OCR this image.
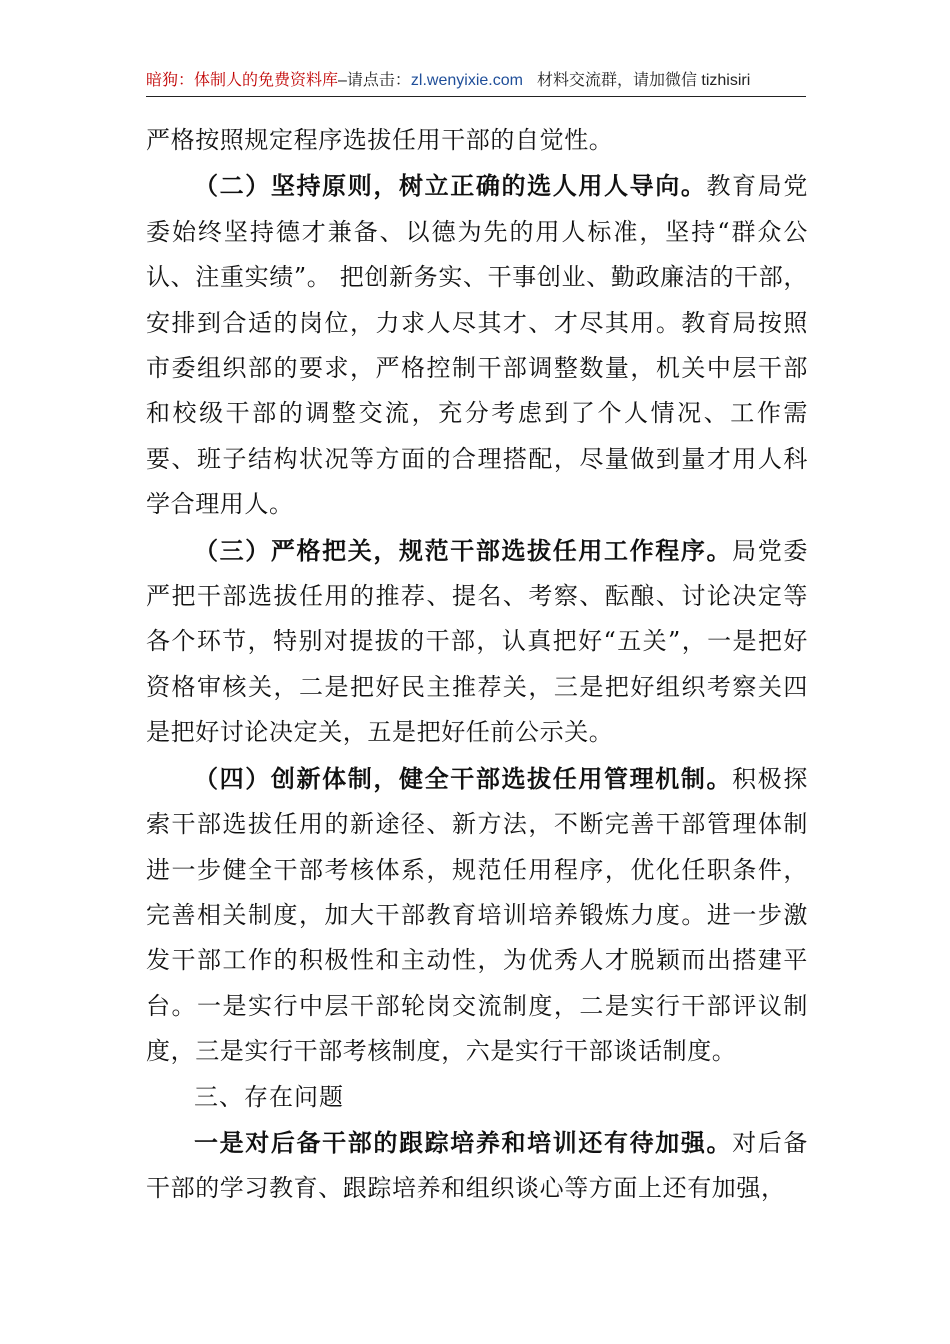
暗狗：体制人的免费资料库–请点击：zl.wenyixie.com 材料交流群，请加微信 tizhisiri

严格按照规定程序选拔任用干部的自觉性。

（二）坚持原则，树立正确的选人用人导向。教育局党委始终坚持德才兼备、以德为先的用人标准，坚持“群众公认、注重实绩”。 把创新务实、干事创业、勤政廉洁的干部，安排到合适的岗位，力求人尽其才、才尽其用。教育局按照市委组织部的要求，严格控制干部调整数量，机关中层干部和校级干部的调整交流，充分考虑到了个人情况、工作需要、班子结构状况等方面的合理搭配，尽量做到量才用人科学合理用人。

（三）严格把关，规范干部选拔任用工作程序。局党委严把干部选拔任用的推荐、提名、考察、酝酿、讨论决定等各个环节，特别对提拔的干部，认真把好“五关”，一是把好资格审核关，二是把好民主推荐关，三是把好组织考察关四是把好讨论决定关，五是把好任前公示关。

（四）创新体制，健全干部选拔任用管理机制。积极探索干部选拔任用的新途径、新方法，不断完善干部管理体制进一步健全干部考核体系，规范任用程序，优化任职条件，完善相关制度，加大干部教育培训培养锻炼力度。进一步激发干部工作的积极性和主动性，为优秀人才脱颖而出搭建平台。一是实行中层干部轮岗交流制度，二是实行干部评议制度，三是实行干部考核制度，六是实行干部谈话制度。

三、存在问题

一是对后备干部的跟踪培养和培训还有待加强。对后备干部的学习教育、跟踪培养和组织谈心等方面上还有加强，
